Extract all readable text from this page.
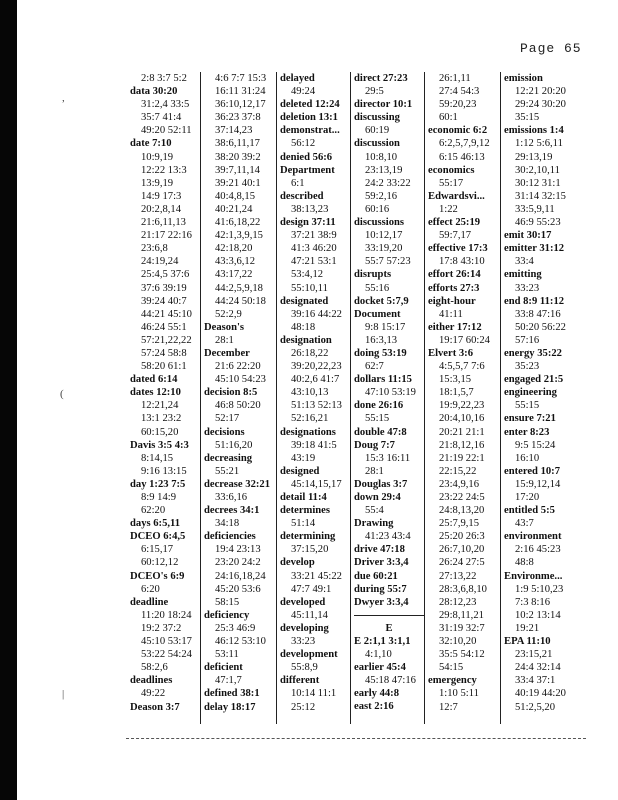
,
(
|
Page 65
2:8 3:7 5:2
data 30:20
31:2,4 33:5
35:7 41:4
49:20 52:11
date 7:10
10:9,19
12:22 13:3
13:9,19
14:9 17:3
20:2,8,14
21:6,11,13
21:17 22:16
23:6,8
24:19,24
25:4,5 37:6
37:6 39:19
39:24 40:7
44:21 45:10
46:24 55:1
57:21,22,22
57:24 58:8
58:20 61:1
dated 6:14
dates 12:10
12:21,24
13:1 23:2
60:15,20
Davis 3:5 4:3
8:14,15
9:16 13:15
day 1:23 7:5
8:9 14:9
62:20
days 6:5,11
DCEO 6:4,5
6:15,17
60:12,12
DCEO's 6:9
6:20
deadline
11:20 18:24
19:2 37:2
45:10 53:17
53:22 54:24
58:2,6
deadlines
49:22
Deason 3:7
4:6 7:7 15:3
16:11 31:24
36:10,12,17
36:23 37:8
37:14,23
38:6,11,17
38:20 39:2
39:7,11,14
39:21 40:1
40:4,8,15
40:21,24
41:6,18,22
42:1,3,9,15
42:18,20
43:3,6,12
43:17,22
44:2,5,9,18
44:24 50:18
52:2,9
Deason's
28:1
December
21:6 22:20
45:10 54:23
decision 8:5
46:8 50:20
52:17
decisions
51:16,20
decreasing
55:21
decrease 32:21
33:6,16
decrees 34:1
34:18
deficiencies
19:4 23:13
23:20 24:2
24:16,18,24
45:20 53:6
58:15
deficiency
25:3 46:9
46:12 53:10
53:11
deficient
47:1,7
defined 38:1
delay 18:17
delayed
49:24
deleted 12:24
deletion 13:1
demonstrat...
56:12
denied 56:6
Department
6:1
described
38:13,23
design 37:11
37:21 38:9
41:3 46:20
47:21 53:1
53:4,12
55:10,11
designated
39:16 44:22
48:18
designation
26:18,22
39:20,22,23
40:2,6 41:7
43:10,13
51:13 52:13
52:16,21
designations
39:18 41:5
43:19
designed
45:14,15,17
detail 11:4
determines
51:14
determining
37:15,20
develop
33:21 45:22
47:7 49:1
developed
45:11,14
developing
33:23
development
55:8,9
different
10:14 11:1
25:12
direct 27:23
29:5
director 10:1
discussing
60:19
discussion
10:8,10
23:13,19
24:2 33:22
59:2,16
60:16
discussions
10:12,17
33:19,20
55:7 57:23
disrupts
55:16
docket 5:7,9
Document
9:8 15:17
16:3,13
doing 53:19
62:7
dollars 11:15
47:10 53:19
done 26:16
55:15
double 47:8
Doug 7:7
15:3 16:11
28:1
Douglas 3:7
down 29:4
55:4
Drawing
41:23 43:4
drive 47:18
Driver 3:3,4
due 60:21
during 55:7
Dwyer 3:3,4
E
E 2:1,1 3:1,1
4:1,10
earlier 45:4
45:18 47:16
early 44:8
east 2:16
26:1,11
27:4 54:3
59:20,23
60:1
economic 6:2
6:2,5,7,9,12
6:15 46:13
economics
55:17
Edwardsvi...
1:22
effect 25:19
59:7,17
effective 17:3
17:8 43:10
effort 26:14
efforts 27:3
eight-hour
41:11
either 17:12
19:17 60:24
Elvert 3:6
4:5,5,7 7:6
15:3,15
18:1,5,7
19:9,22,23
20:4,10,16
20:21 21:1
21:8,12,16
21:19 22:1
22:15,22
23:4,9,16
23:22 24:5
24:8,13,20
25:7,9,15
25:20 26:3
26:7,10,20
26:24 27:5
27:13,22
28:3,6,8,10
28:12,23
29:8,11,21
31:19 32:7
32:10,20
35:5 54:12
54:15
emergency
1:10 5:11
12:7
emission
12:21 20:20
29:24 30:20
35:15
emissions 1:4
1:12 5:6,11
29:13,19
30:2,10,11
30:12 31:1
31:14 32:15
33:5,9,11
46:9 55:23
emit 30:17
emitter 31:12
33:4
emitting
33:23
end 8:9 11:12
33:8 47:16
50:20 56:22
57:16
energy 35:22
35:23
engaged 21:5
engineering
55:15
ensure 7:21
enter 8:23
9:5 15:24
16:10
entered 10:7
15:9,12,14
17:20
entitled 5:5
43:7
environment
2:16 45:23
48:8
Environme...
1:9 5:10,23
7:3 8:16
10:2 13:14
19:21
EPA 11:10
23:15,21
24:4 32:14
33:4 37:1
40:19 44:20
51:2,5,20
